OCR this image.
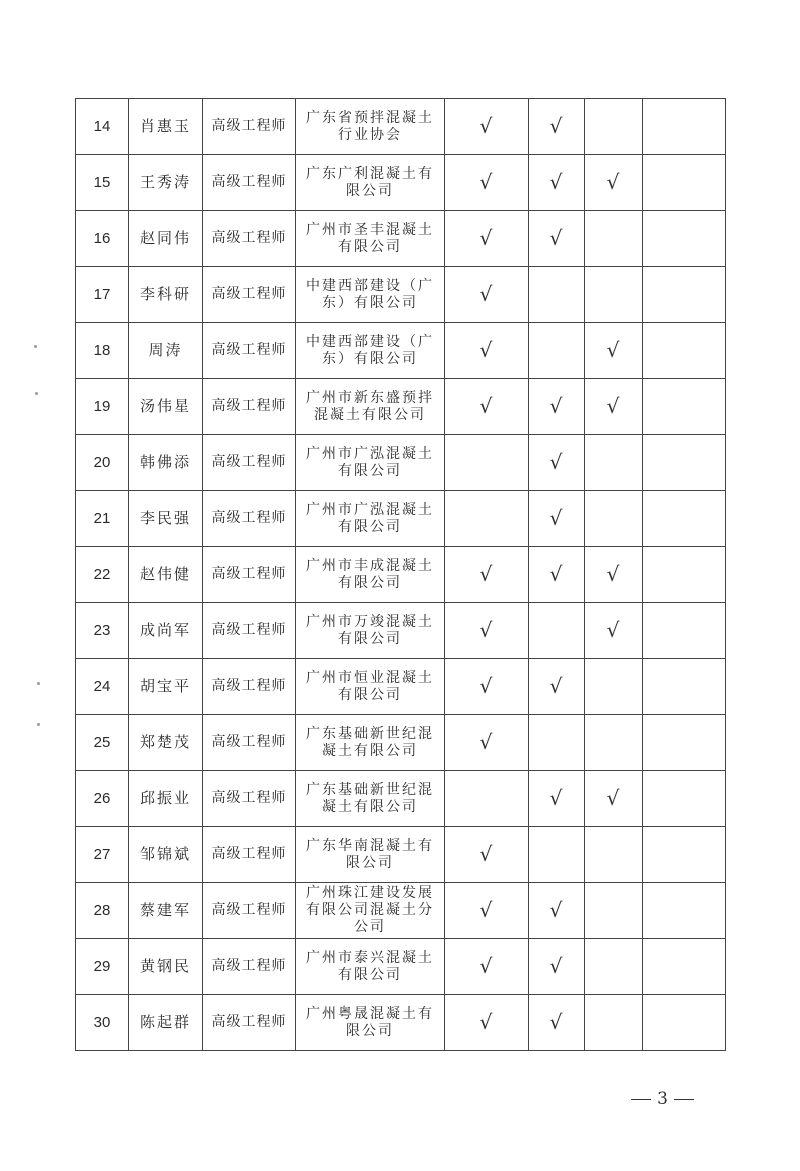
14	肖惠玉	高级工程师	广东省预拌混凝土行业协会	√	√		
15	王秀涛	高级工程师	广东广利混凝土有限公司	√	√	√	
16	赵同伟	高级工程师	广州市圣丰混凝土有限公司	√	√		
17	李科研	高级工程师	中建西部建设（广东）有限公司	√			
18	周涛	高级工程师	中建西部建设（广东）有限公司	√		√	
19	汤伟星	高级工程师	广州市新东盛预拌混凝土有限公司	√	√	√	
20	韩佛添	高级工程师	广州市广泓混凝土有限公司		√		
21	李民强	高级工程师	广州市广泓混凝土有限公司		√		
22	赵伟健	高级工程师	广州市丰成混凝土有限公司	√	√	√	
23	成尚军	高级工程师	广州市万竣混凝土有限公司	√		√	
24	胡宝平	高级工程师	广州市恒业混凝土有限公司	√	√		
25	郑楚茂	高级工程师	广东基础新世纪混凝土有限公司	√			
26	邱振业	高级工程师	广东基础新世纪混凝土有限公司		√	√	
27	邹锦斌	高级工程师	广东华南混凝土有限公司	√			
28	蔡建军	高级工程师	广州珠江建设发展有限公司混凝土分公司	√	√		
29	黄钢民	高级工程师	广州市泰兴混凝土有限公司	√	√		
30	陈起群	高级工程师	广州粤晟混凝土有限公司	√	√		
3
